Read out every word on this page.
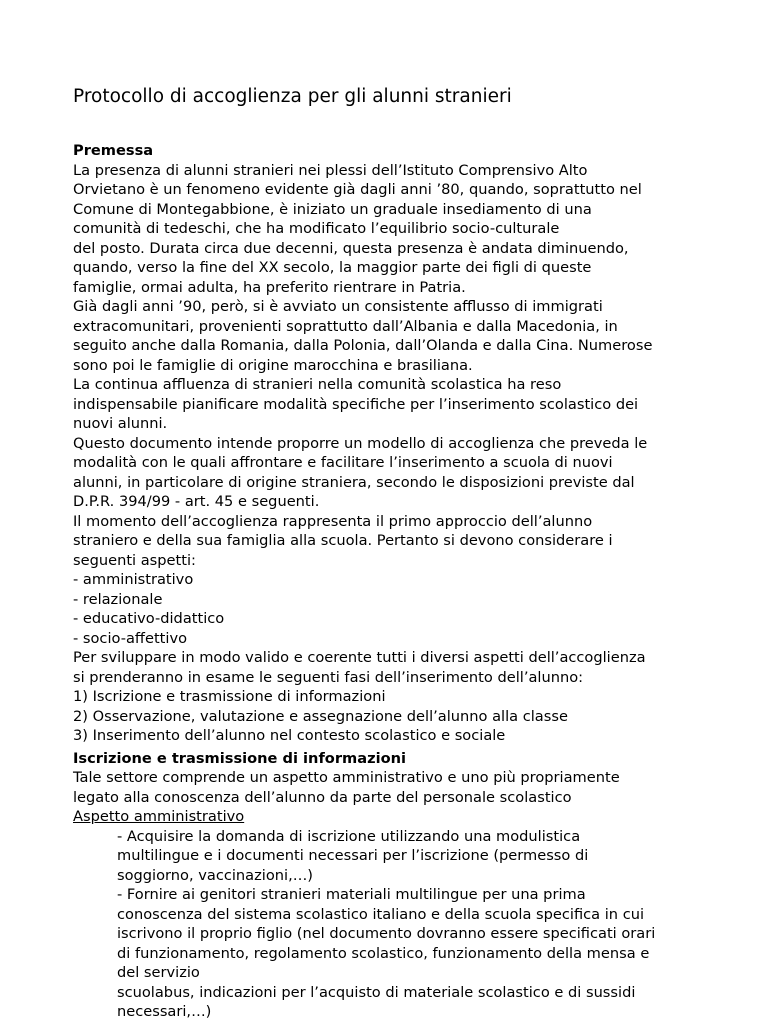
Protocollo di accoglienza per gli alunni stranieri
Premessa
La presenza di alunni stranieri nei plessi dell’Istituto Comprensivo Alto
Orvietano è un fenomeno evidente già dagli anni ’80, quando, soprattutto nel
Comune di Montegabbione, è iniziato un graduale insediamento di una
comunità di tedeschi, che ha modificato l’equilibrio socio-culturale
del posto. Durata circa due decenni, questa presenza è andata diminuendo,
quando, verso la fine del XX secolo, la maggior parte dei figli di queste
famiglie, ormai adulta, ha preferito rientrare in Patria.
Già dagli anni ’90, però, si è avviato un consistente afflusso di immigrati
extracomunitari, provenienti soprattutto dall’Albania e dalla Macedonia, in
seguito anche dalla Romania, dalla Polonia, dall’Olanda e dalla Cina. Numerose
sono poi le famiglie di origine marocchina e brasiliana.
La continua affluenza di stranieri nella comunità scolastica ha reso
indispensabile pianificare modalità specifiche per l’inserimento scolastico dei
nuovi alunni.
Questo documento intende proporre un modello di accoglienza che preveda le
modalità con le quali affrontare e facilitare l’inserimento a scuola di nuovi
alunni, in particolare di origine straniera, secondo le disposizioni previste dal
D.P.R. 394/99 - art. 45 e seguenti.
Il momento dell’accoglienza rappresenta il primo approccio dell’alunno
straniero e della sua famiglia alla scuola. Pertanto si devono considerare i
seguenti aspetti:
- amministrativo
- relazionale
- educativo-didattico
- socio-affettivo
Per sviluppare in modo valido e coerente tutti i diversi aspetti dell’accoglienza
si prenderanno in esame le seguenti fasi dell’inserimento dell’alunno:
1) Iscrizione e trasmissione di informazioni
2) Osservazione, valutazione e assegnazione dell’alunno alla classe
3) Inserimento dell’alunno nel contesto scolastico e sociale
Iscrizione e trasmissione di informazioni
Tale settore comprende un aspetto amministrativo e uno più propriamente
legato alla conoscenza dell’alunno da parte del personale scolastico
Aspetto amministrativo
- Acquisire la domanda di iscrizione utilizzando una modulistica
multilingue e i documenti necessari per l’iscrizione (permesso di
soggiorno, vaccinazioni,…)
- Fornire ai genitori stranieri materiali multilingue per una prima
conoscenza del sistema scolastico italiano e della scuola specifica in cui
iscrivono il proprio figlio (nel documento dovranno essere specificati orari
di funzionamento, regolamento scolastico, funzionamento della mensa e
del servizio
scuolabus, indicazioni per l’acquisto di materiale scolastico e di sussidi
necessari,…)
